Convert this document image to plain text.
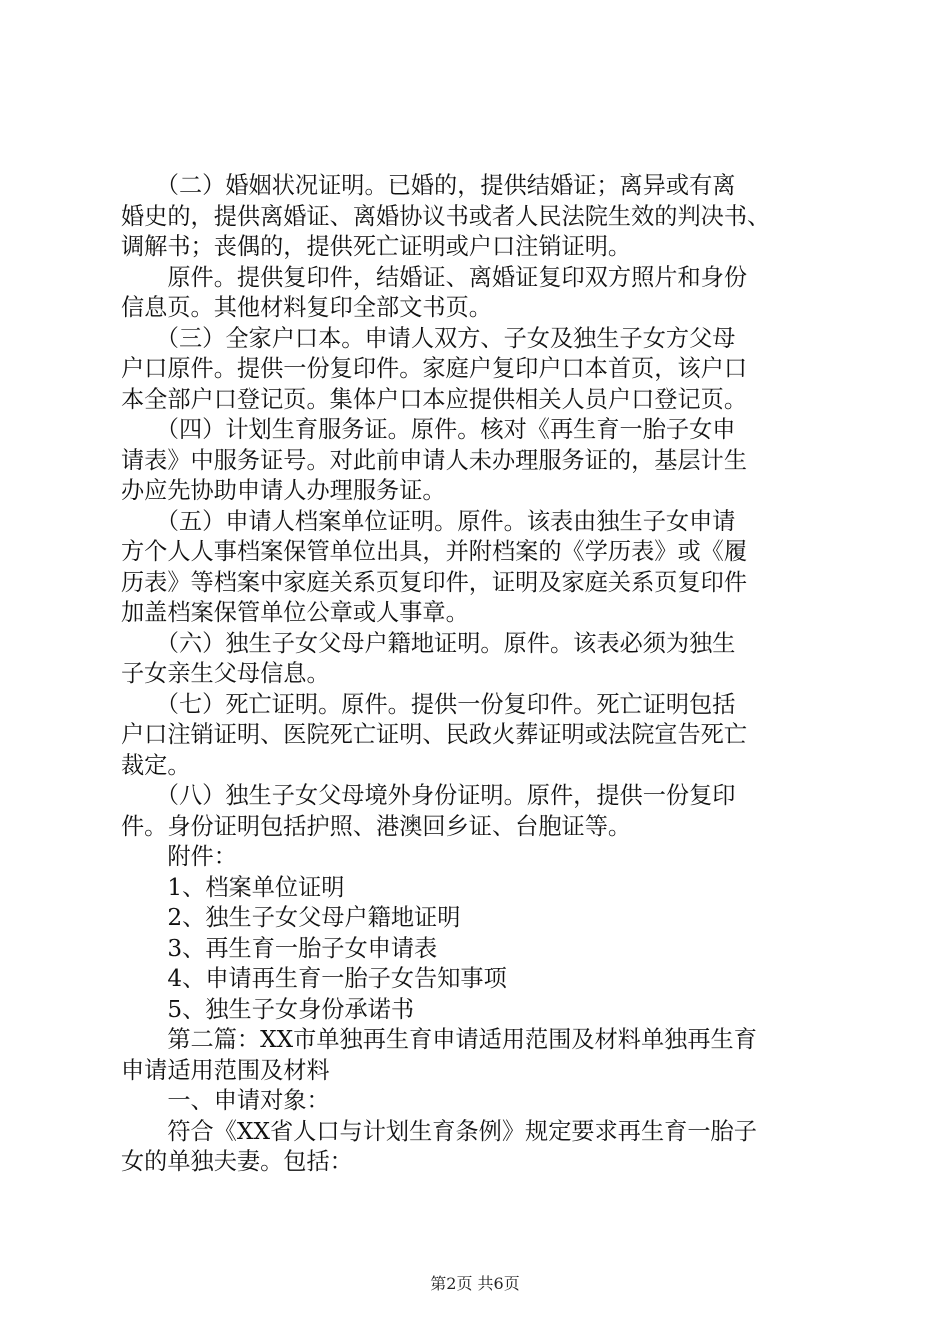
　　（二）婚姻状况证明。已婚的，提供结婚证；离异或有离
婚史的，提供离婚证、离婚协议书或者人民法院生效的判决书、
调解书；丧偶的，提供死亡证明或户口注销证明。
　　原件。提供复印件，结婚证、离婚证复印双方照片和身份
信息页。其他材料复印全部文书页。
　　（三）全家户口本。申请人双方、子女及独生子女方父母
户口原件。提供一份复印件。家庭户复印户口本首页，该户口
本全部户口登记页。集体户口本应提供相关人员户口登记页。
　　（四）计划生育服务证。原件。核对《再生育一胎子女申
请表》中服务证号。对此前申请人未办理服务证的，基层计生
办应先协助申请人办理服务证。
　　（五）申请人档案单位证明。原件。该表由独生子女申请
方个人人事档案保管单位出具，并附档案的《学历表》或《履
历表》等档案中家庭关系页复印件，证明及家庭关系页复印件
加盖档案保管单位公章或人事章。
　　（六）独生子女父母户籍地证明。原件。该表必须为独生
子女亲生父母信息。
　　（七）死亡证明。原件。提供一份复印件。死亡证明包括
户口注销证明、医院死亡证明、民政火葬证明或法院宣告死亡
裁定。
　　（八）独生子女父母境外身份证明。原件，提供一份复印
件。身份证明包括护照、港澳回乡证、台胞证等。
　　附件：
　　1、档案单位证明
　　2、独生子女父母户籍地证明
　　3、再生育一胎子女申请表
　　4、申请再生育一胎子女告知事项
　　5、独生子女身份承诺书
　　第二篇：XX市单独再生育申请适用范围及材料单独再生育
申请适用范围及材料
　　一、申请对象：
　　符合《XX省人口与计划生育条例》规定要求再生育一胎子
女的单独夫妻。包括：
第2页 共6页
